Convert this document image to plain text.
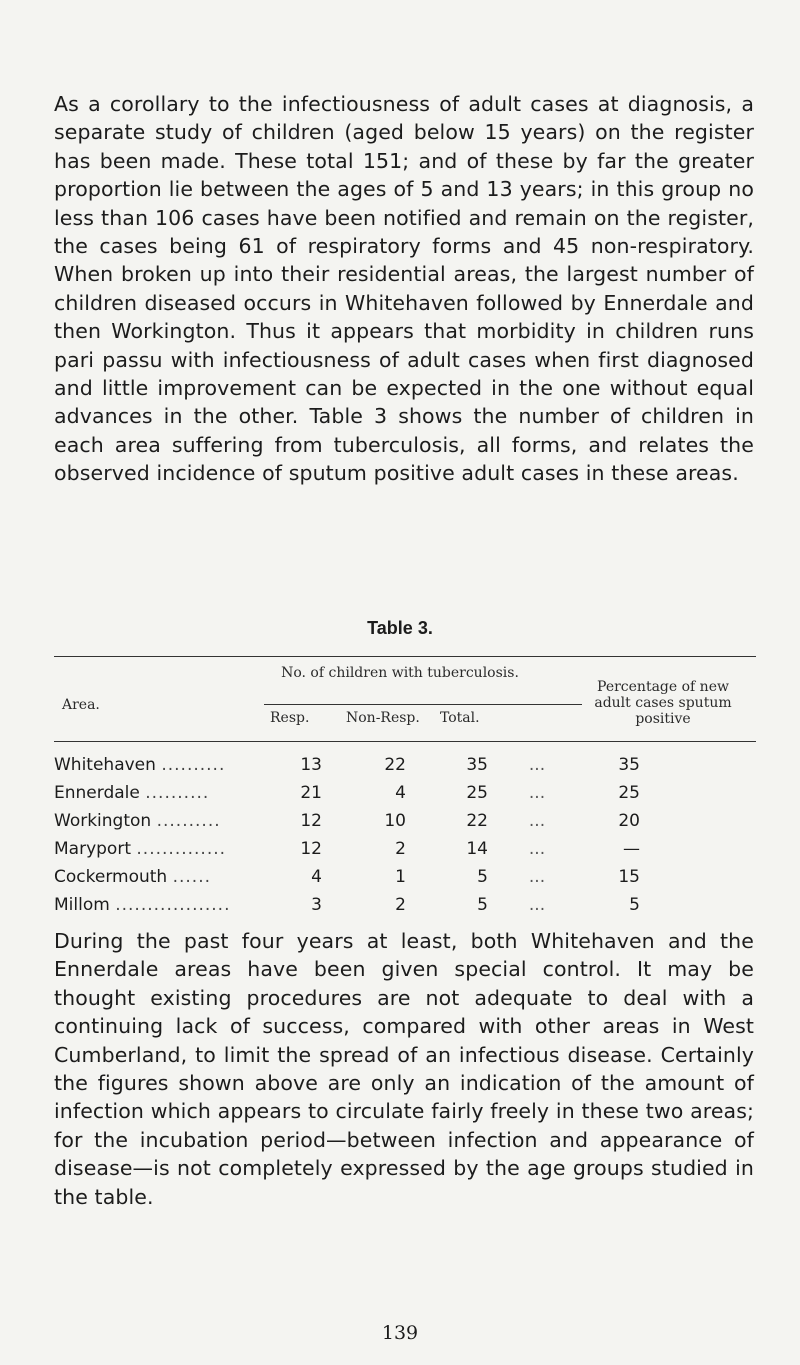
As a corollary to the infectiousness of adult cases at diagnosis, a separate study of children (aged below 15 years) on the register has been made. These total 151; and of these by far the greater proportion lie between the ages of 5 and 13 years; in this group no less than 106 cases have been notified and remain on the register, the cases being 61 of respiratory forms and 45 non-respiratory. When broken up into their residential areas, the largest number of children diseased occurs in Whitehaven followed by Ennerdale and then Workington. Thus it appears that morbidity in children runs pari passu with infectiousness of adult cases when first diagnosed and little improvement can be expected in the one without equal advances in the other. Table 3 shows the number of children in each area suffering from tuberculosis, all forms, and relates the observed incidence of sputum positive adult cases in these areas.

Table 3.
No. of children with tuberculosis.
Percentage of new adult cases sputum positive
Area.
Resp.	Non-Resp. Total.
Whitehaven ..........	13	22	35	...	35
Ennerdale ..........	21	4	25	...	25
Workington ..........	12	10	22	...	20
Maryport ..............	12	2	14	...	—
Cockermouth ......	4	1	5	...	15
Millom ..................	3	2	5	...	5

During the past four years at least, both Whitehaven and the Ennerdale areas have been given special control. It may be thought existing procedures are not adequate to deal with a continuing lack of success, compared with other areas in West Cumberland, to limit the spread of an infectious disease. Certainly the figures shown above are only an indication of the amount of infection which appears to circulate fairly freely in these two areas; for the incubation period—between infection and appearance of disease—is not completely expressed by the age groups studied in the table.

139
